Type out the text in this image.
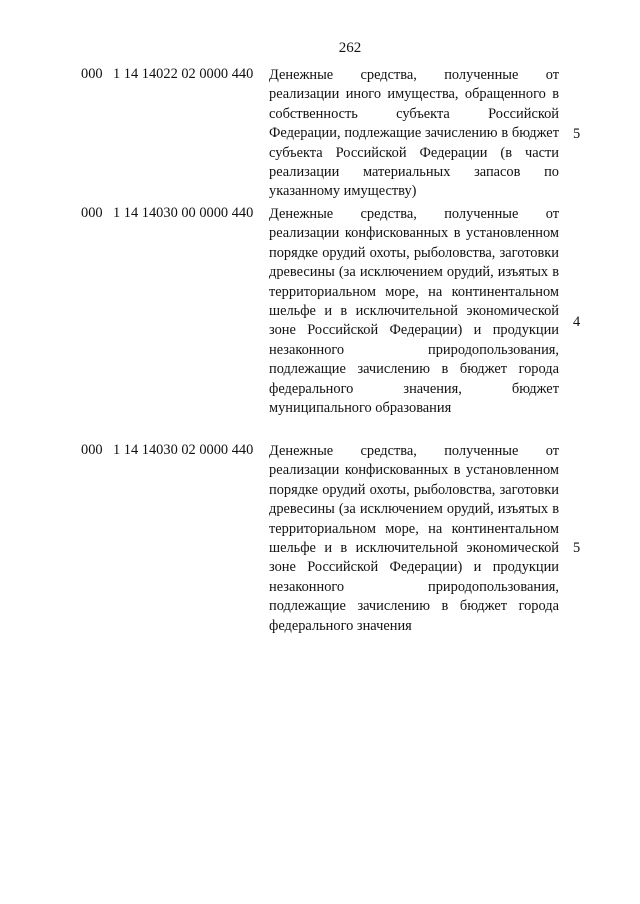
262
000 1 14 14022 02 0000 440 Денежные средства, полученные от реализации иного имущества, обращенного в собственность субъекта Российской Федерации, подлежащие зачислению в бюджет субъекта Российской Федерации (в части реализации материальных запасов по указанному имуществу)

5
000 1 14 14030 00 0000 440 Денежные средства, полученные от реализации конфискованных в установленном порядке орудий охоты, рыболовства, заготовки древесины (за исключением орудий, изъятых в территориальном море, на континентальном шельфе и в исключительной экономической зоне Российской Федерации) и продукции незаконного природопользования, подлежащие зачислению в бюджет города федерального значения, бюджет муниципального образования

4
000 1 14 14030 02 0000 440 Денежные средства, полученные от реализации конфискованных в установленном порядке орудий охоты, рыболовства, заготовки древесины (за исключением орудий, изъятых в территориальном море, на континентальном шельфе и в исключительной экономической зоне Российской Федерации) и продукции незаконного природопользования, подлежащие зачислению в бюджет города федерального значения

5
